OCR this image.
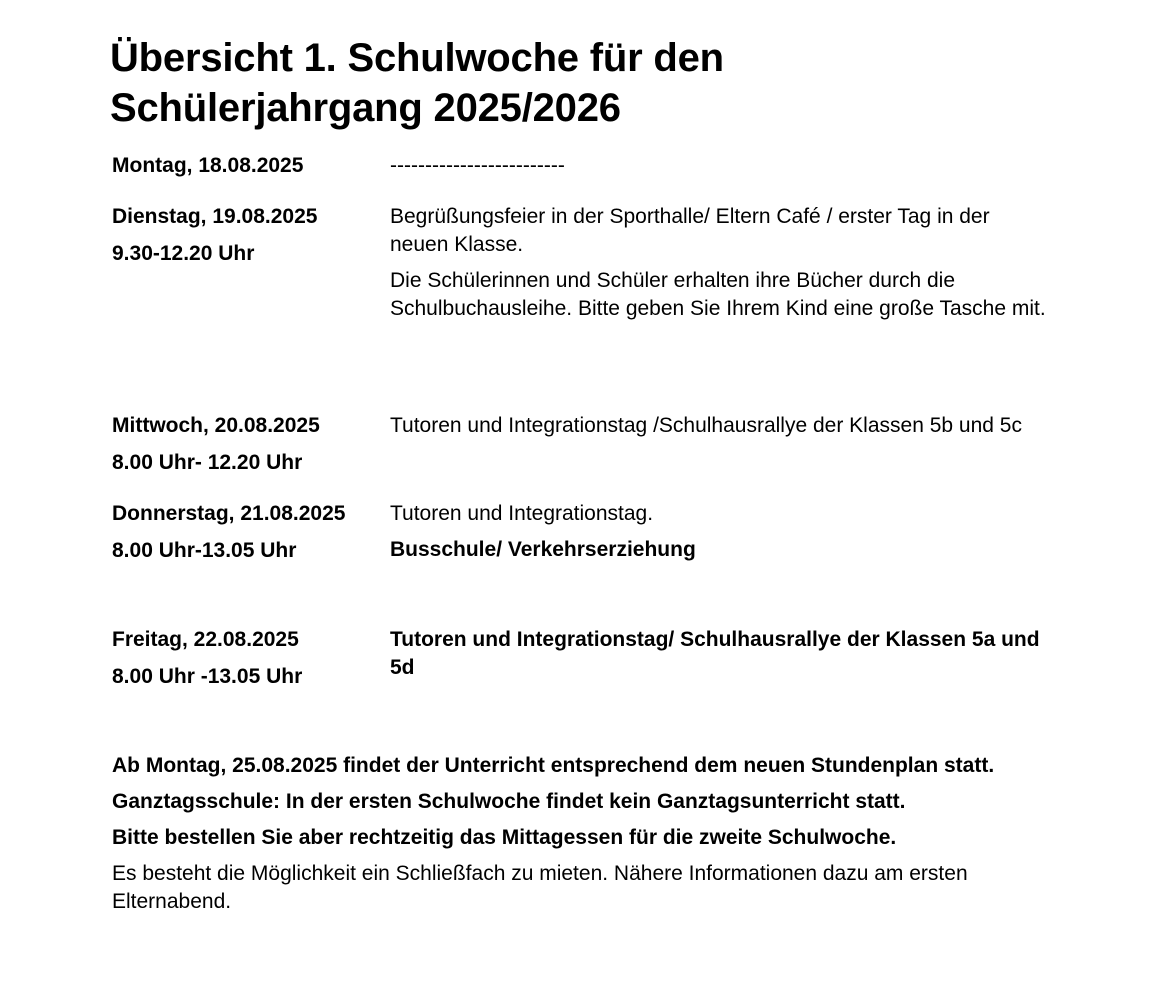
Übersicht 1. Schulwoche für den
Schülerjahrgang 2025/2026
Montag, 18.08.2025	-------------------------

Dienstag, 19.08.2025
9.30-12.20 Uhr

Begrüßungsfeier in der Sporthalle/ Eltern Café / erster Tag in der neuen Klasse.

Die Schülerinnen und Schüler erhalten ihre Bücher durch die Schulbuchausleihe. Bitte geben Sie Ihrem Kind eine große Tasche mit.

Mittwoch, 20.08.2025
8.00 Uhr- 12.20 Uhr

Tutoren und Integrationstag /Schulhausrallye der Klassen 5b und 5c

Donnerstag, 21.08.2025
8.00 Uhr-13.05 Uhr

Tutoren und Integrationstag.

Busschule/ Verkehrserziehung

Freitag, 22.08.2025
8.00 Uhr -13.05 Uhr

Tutoren und Integrationstag/ Schulhausrallye der Klassen 5a und 5d

Ab Montag, 25.08.2025 findet der Unterricht entsprechend dem neuen Stundenplan statt.

Ganztagsschule: In der ersten Schulwoche findet kein Ganztagsunterricht statt.

Bitte bestellen Sie aber rechtzeitig das Mittagessen für die zweite Schulwoche.

Es besteht die Möglichkeit ein Schließfach zu mieten. Nähere Informationen dazu am ersten Elternabend.
